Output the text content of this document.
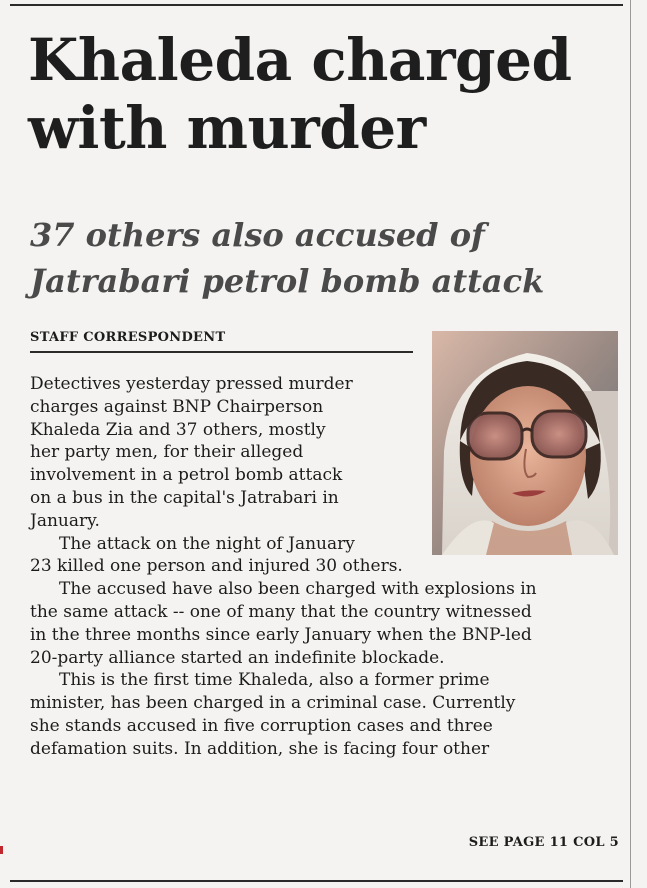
Khaleda charged
with murder
37 others also accused of
Jatrabari petrol bomb attack
STAFF CORRESPONDENT

Detectives yesterday pressed murder
charges against BNP Chairperson
Khaleda Zia and 37 others, mostly
her party men, for their alleged
involvement in a petrol bomb attack
on a bus in the capital's Jatrabari in
January.

The attack on the night of January
23 killed one person and injured 30 others.

The accused have also been charged with explosions in
the same attack -- one of many that the country witnessed
in the three months since early January when the BNP-led
20-party alliance started an indefinite blockade.

This is the first time Khaleda, also a former prime
minister, has been charged in a criminal case. Currently
she stands accused in five corruption cases and three
defamation suits. In addition, she is facing four other

SEE PAGE 11 COL 5
